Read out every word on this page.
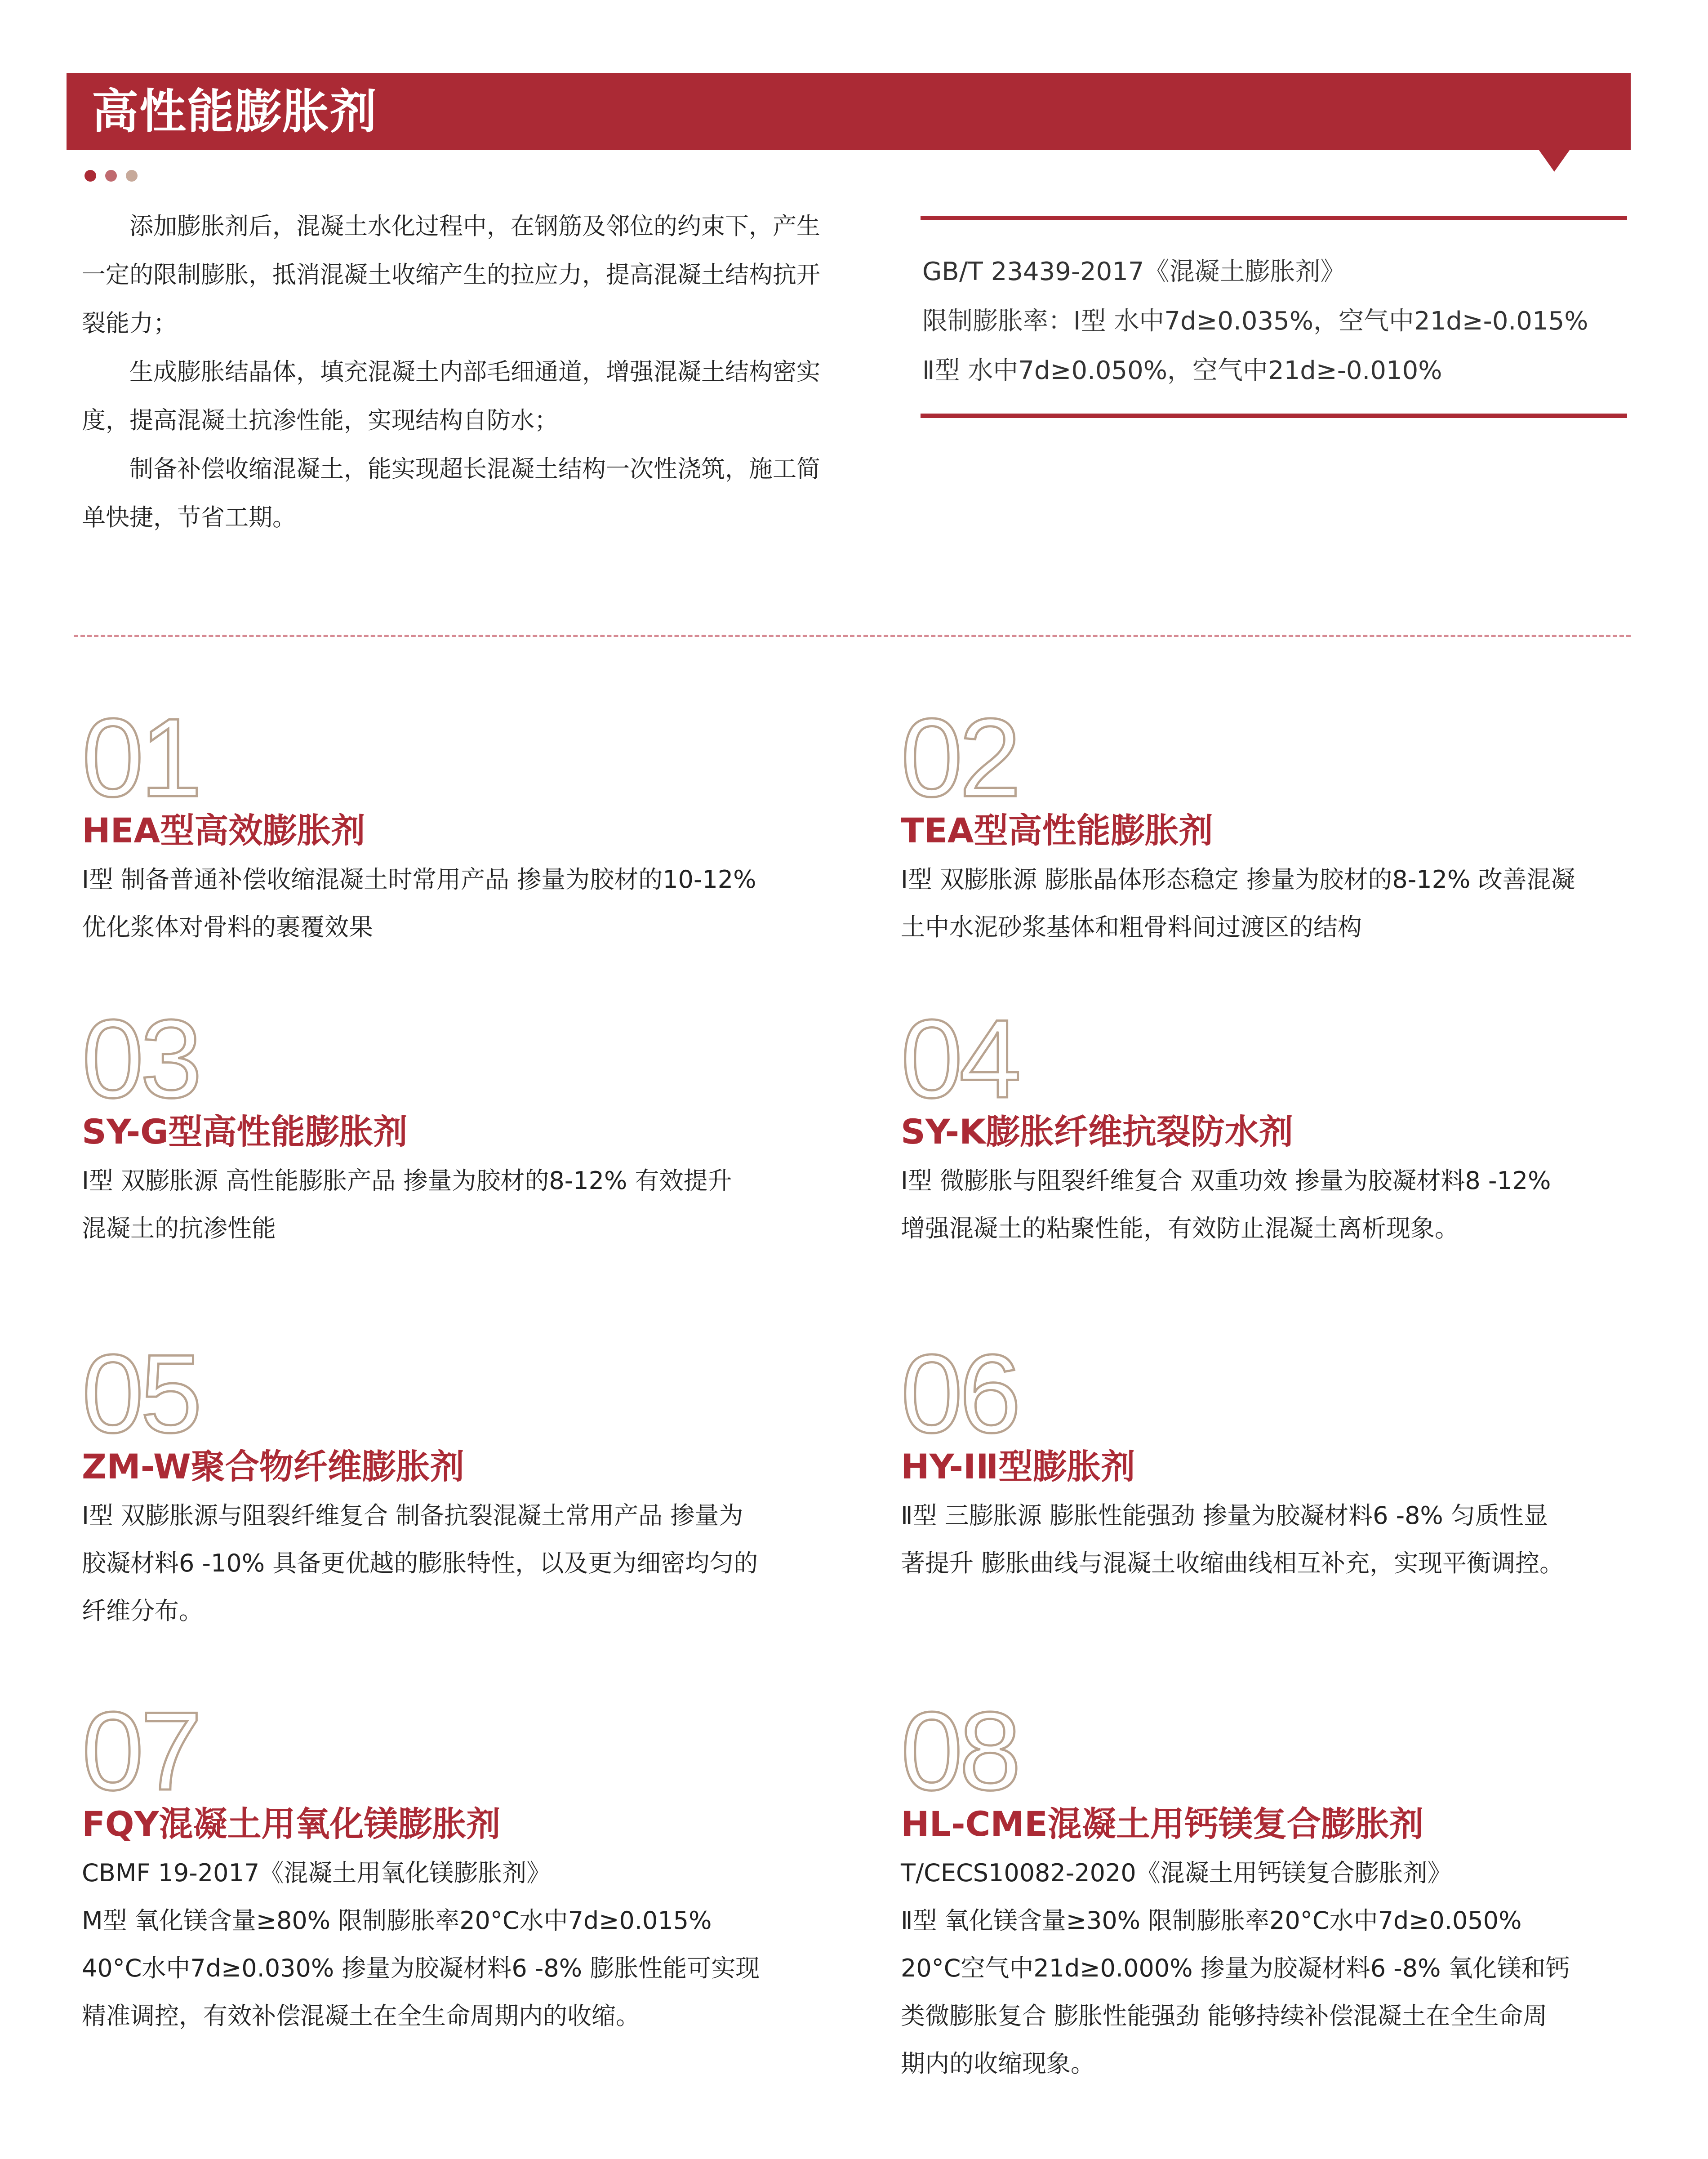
高性能膨胀剂

添加膨胀剂后，混凝土水化过程中，在钢筋及邻位的约束下，产生一定的限制膨胀，抵消混凝土收缩产生的拉应力，提高混凝土结构抗开裂能力；

生成膨胀结晶体，填充混凝土内部毛细通道，增强混凝土结构密实度，提高混凝土抗渗性能，实现结构自防水；

制备补偿收缩混凝土，能实现超长混凝土结构一次性浇筑，施工简单快捷，节省工期。

GB/T 23439-2017《混凝土膨胀剂》
限制膨胀率：I型 水中7d≥0.035%，空气中21d≥-0.015%
Ⅱ型 水中7d≥0.050%，空气中21d≥-0.010%
01
HEA型高效膨胀剂
I型 制备普通补偿收缩混凝土时常用产品 掺量为胶材的10-12%
优化浆体对骨料的裹覆效果
02
TEA型高性能膨胀剂
I型 双膨胀源 膨胀晶体形态稳定 掺量为胶材的8-12% 改善混凝
土中水泥砂浆基体和粗骨料间过渡区的结构
03
SY-G型高性能膨胀剂
I型 双膨胀源 高性能膨胀产品 掺量为胶材的8-12% 有效提升
混凝土的抗渗性能
04
SY-K膨胀纤维抗裂防水剂
I型 微膨胀与阻裂纤维复合 双重功效 掺量为胶凝材料8 -12%
增强混凝土的粘聚性能，有效防止混凝土离析现象。
05
ZM-W聚合物纤维膨胀剂
I型 双膨胀源与阻裂纤维复合 制备抗裂混凝土常用产品 掺量为
胶凝材料6 -10% 具备更优越的膨胀特性，以及更为细密均匀的
纤维分布。
06
HY-IⅡ型膨胀剂
Ⅱ型 三膨胀源 膨胀性能强劲 掺量为胶凝材料6 -8% 匀质性显
著提升 膨胀曲线与混凝土收缩曲线相互补充，实现平衡调控。
07
FQY混凝土用氧化镁膨胀剂
CBMF 19-2017《混凝土用氧化镁膨胀剂》
M型 氧化镁含量≥80% 限制膨胀率20°C水中7d≥0.015%
40°C水中7d≥0.030% 掺量为胶凝材料6 -8% 膨胀性能可实现
精准调控，有效补偿混凝土在全生命周期内的收缩。
08
HL-CME混凝土用钙镁复合膨胀剂
T/CECS10082-2020《混凝土用钙镁复合膨胀剂》
Ⅱ型 氧化镁含量≥30% 限制膨胀率20°C水中7d≥0.050%
20°C空气中21d≥0.000% 掺量为胶凝材料6 -8% 氧化镁和钙
类微膨胀复合 膨胀性能强劲 能够持续补偿混凝土在全生命周
期内的收缩现象。
